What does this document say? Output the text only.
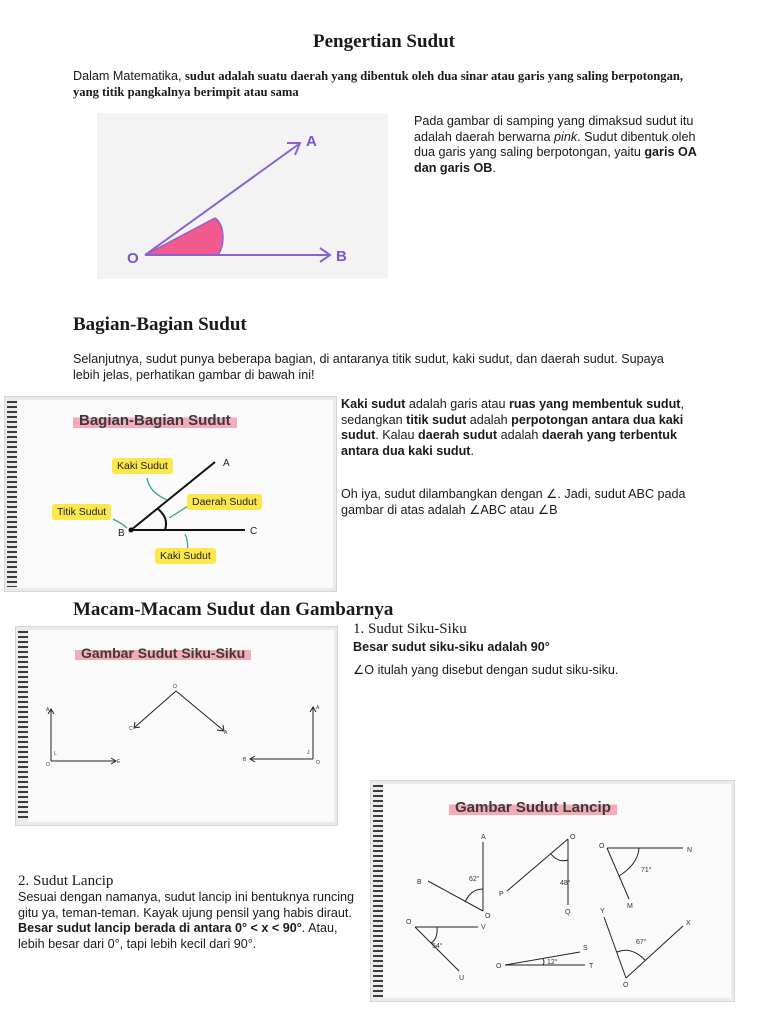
Pengertian Sudut
Dalam Matematika, sudut adalah suatu daerah yang dibentuk oleh dua sinar atau garis yang saling berpotongan, yang titik pangkalnya berimpit atau sama
O
A
B
Pada gambar di samping yang dimaksud sudut itu adalah daerah berwarna pink. Sudut dibentuk oleh dua garis yang saling berpotongan, yaitu garis OA dan garis OB.
Bagian-Bagian Sudut
Selanjutnya, sudut punya beberapa bagian, di antaranya titik sudut, kaki sudut, dan daerah sudut. Supaya lebih jelas, perhatikan gambar di bawah ini!
Bagian-Bagian Sudut
A
B	C
Kaki Sudut
Daerah Sudut
Titik Sudut
Kaki Sudut
Kaki sudut adalah garis atau ruas yang membentuk sudut, sedangkan titik sudut adalah perpotongan antara dua kaki sudut. Kalau daerah sudut adalah daerah yang terbentuk antara dua kaki sudut.
Oh iya, sudut dilambangkan dengan ∠. Jadi, sudut ABC pada gambar di atas adalah ∠ABC atau ∠B
Macam-Macam Sudut dan Gambarnya
Gambar Sudut Siku-Siku
A
L
O	E
O
C
A
B
A
J
O
1. Sudut Siku-Siku
Besar sudut siku-siku adalah 90°
∠O itulah yang disebut dengan sudut siku-siku.
Gambar Sudut Lancip
62°
48°
71°
54°
12°
67°
A
B
O
P
Q
O
N
M
O
V
U
O
S
T
O
Y
X
O
2. Sudut Lancip
Sesuai dengan namanya, sudut lancip ini bentuknya runcing gitu ya, teman-teman. Kayak ujung pensil yang habis diraut. Besar sudut lancip berada di antara 0° < x < 90°. Atau, lebih besar dari 0°, tapi lebih kecil dari 90°.
